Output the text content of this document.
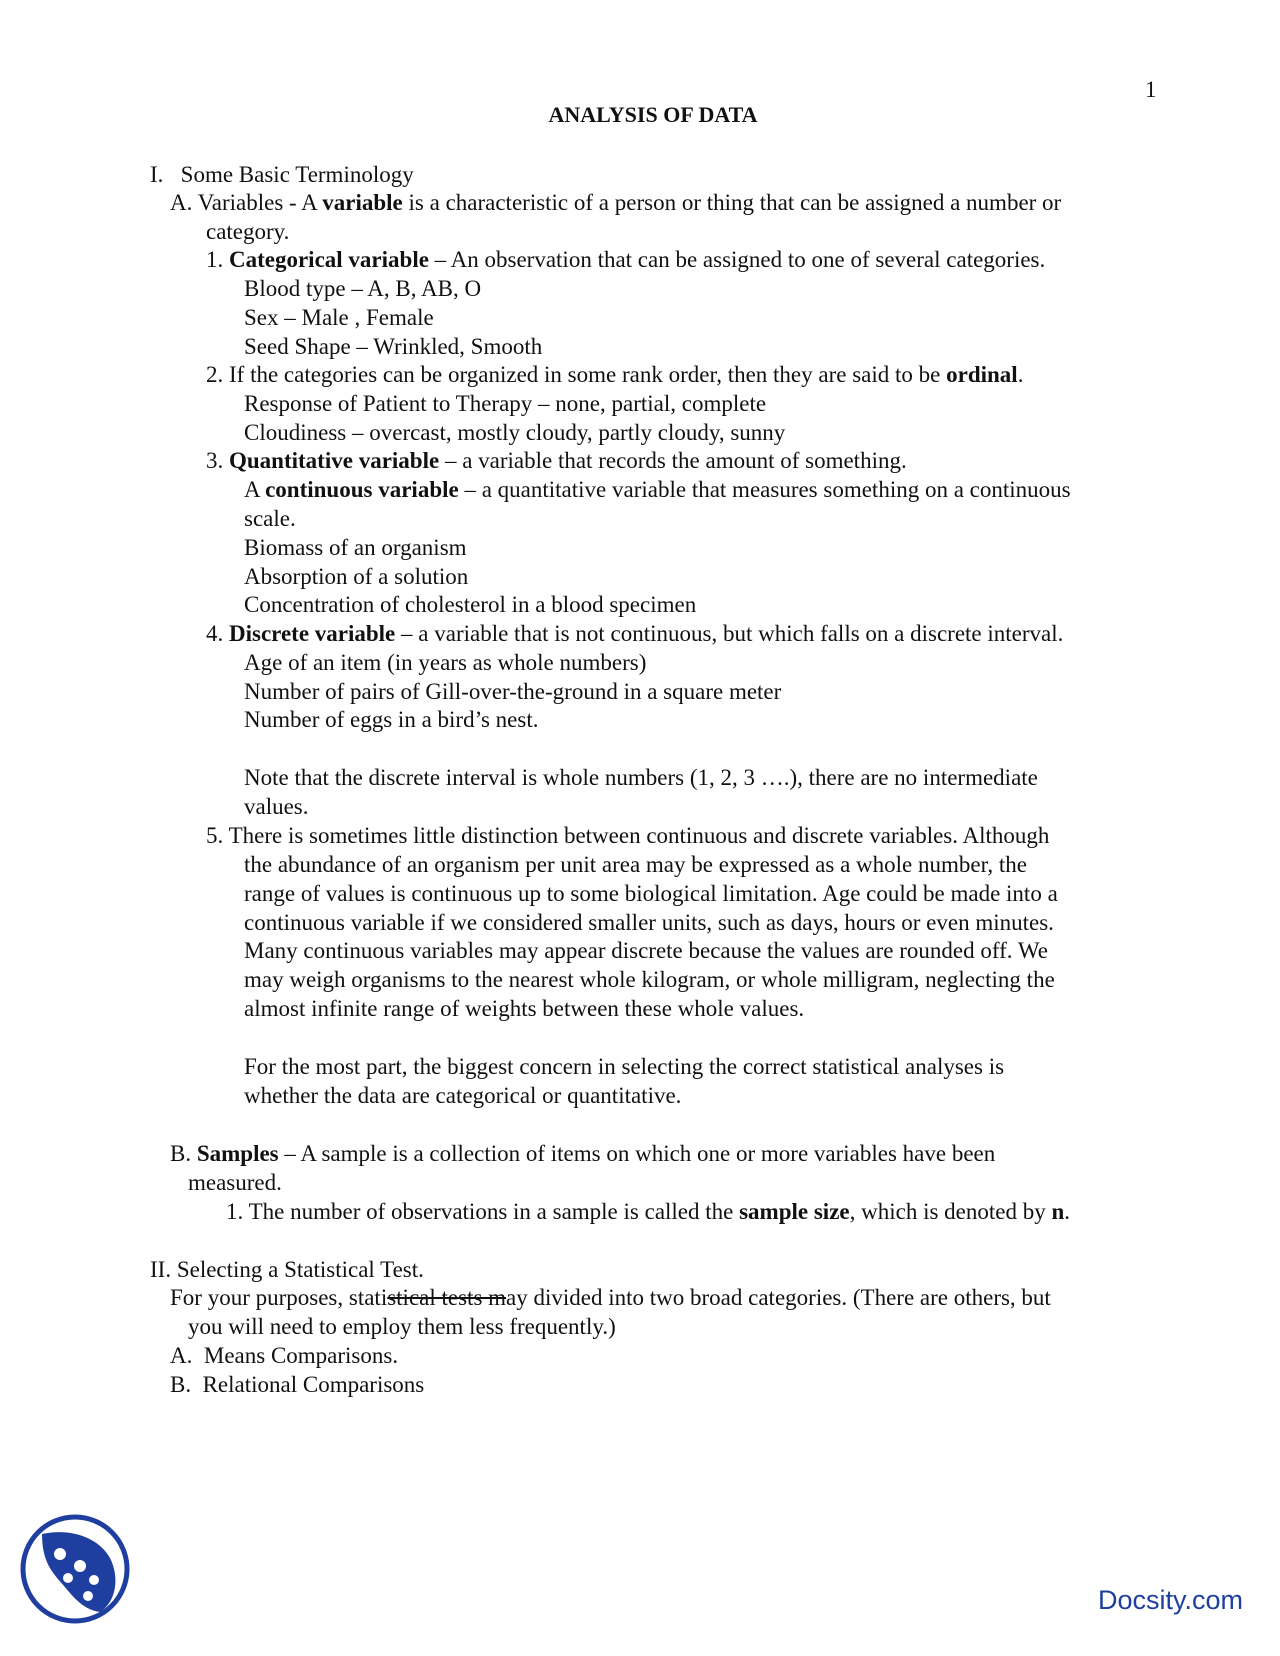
1
ANALYSIS OF DATA
I. Some Basic Terminology
A. Variables - A variable is a characteristic of a person or thing that can be assigned a number or
category.
1. Categorical variable – An observation that can be assigned to one of several categories.
Blood type – A, B, AB, O
Sex – Male , Female
Seed Shape – Wrinkled, Smooth
2. If the categories can be organized in some rank order, then they are said to be ordinal.
Response of Patient to Therapy – none, partial, complete
Cloudiness – overcast, mostly cloudy, partly cloudy, sunny
3. Quantitative variable – a variable that records the amount of something.
A continuous variable – a quantitative variable that measures something on a continuous
scale.
Biomass of an organism
Absorption of a solution
Concentration of cholesterol in a blood specimen
4. Discrete variable – a variable that is not continuous, but which falls on a discrete interval.
Age of an item (in years as whole numbers)
Number of pairs of Gill-over-the-ground in a square meter
Number of eggs in a bird’s nest.
Note that the discrete interval is whole numbers (1, 2, 3 ….), there are no intermediate
values.
5. There is sometimes little distinction between continuous and discrete variables. Although
the abundance of an organism per unit area may be expressed as a whole number, the
range of values is continuous up to some biological limitation. Age could be made into a
continuous variable if we considered smaller units, such as days, hours or even minutes.
Many continuous variables may appear discrete because the values are rounded off. We
may weigh organisms to the nearest whole kilogram, or whole milligram, neglecting the
almost infinite range of weights between these whole values.
For the most part, the biggest concern in selecting the correct statistical analyses is
whether the data are categorical or quantitative.
B. Samples – A sample is a collection of items on which one or more variables have been
measured.
1. The number of observations in a sample is called the sample size, which is denoted by n.
II. Selecting a Statistical Test.
For your purposes, statistical tests may divided into two broad categories. (There are others, but
you will need to employ them less frequently.)
A. Means Comparisons.
B. Relational Comparisons
Docsity.com
